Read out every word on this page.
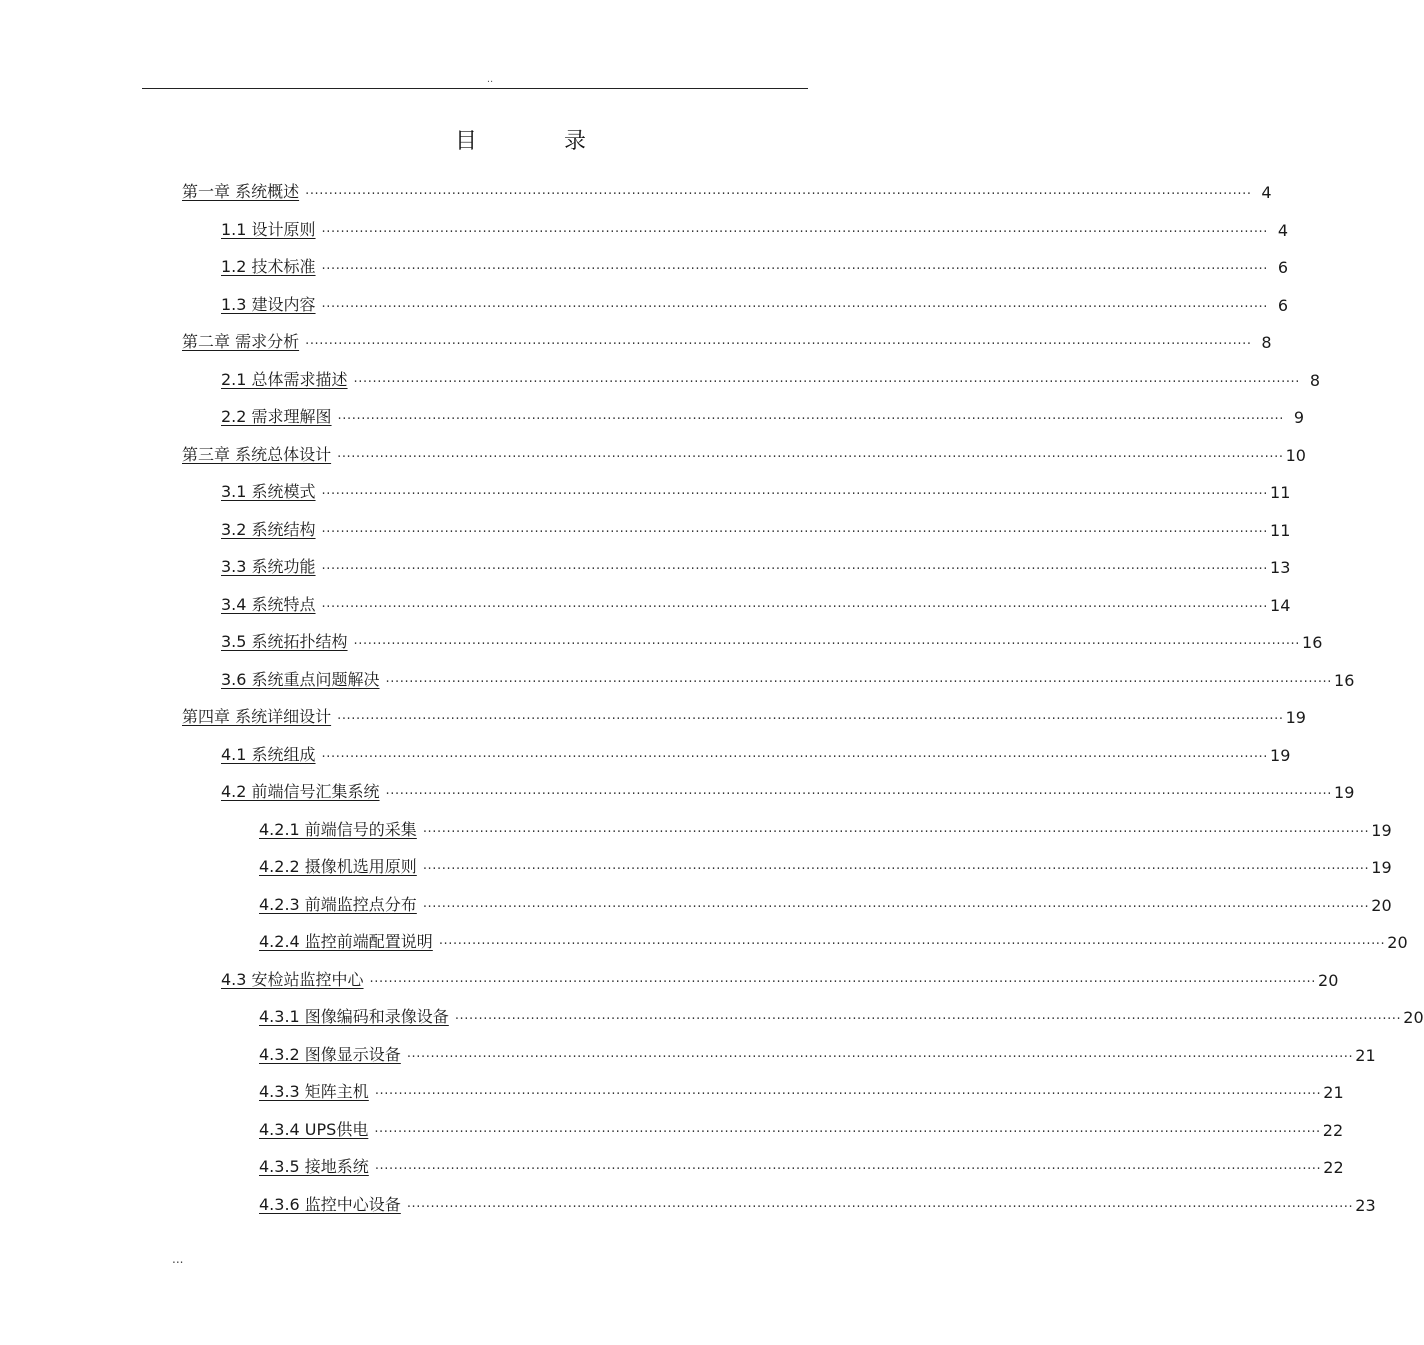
..
目 录
第一章 系统概述 ........................................................................................................................................................................................................ 4
1.1 设计原则 ........................................................................................................................................................................................................ 4
1.2 技术标准 ........................................................................................................................................................................................................ 6
1.3 建设内容 ........................................................................................................................................................................................................ 6
第二章 需求分析 ........................................................................................................................................................................................................ 8
2.1 总体需求描述 ........................................................................................................................................................................................................ 8
2.2 需求理解图 ........................................................................................................................................................................................................ 9
第三章 系统总体设计 ........................................................................................................................................................................................................ 10
3.1 系统模式 ........................................................................................................................................................................................................ 11
3.2 系统结构 ........................................................................................................................................................................................................ 11
3.3 系统功能 ........................................................................................................................................................................................................ 13
3.4 系统特点 ........................................................................................................................................................................................................ 14
3.5 系统拓扑结构 ........................................................................................................................................................................................................ 16
3.6 系统重点问题解决 ........................................................................................................................................................................................................ 16
第四章 系统详细设计 ........................................................................................................................................................................................................ 19
4.1 系统组成 ........................................................................................................................................................................................................ 19
4.2 前端信号汇集系统 ........................................................................................................................................................................................................ 19
4.2.1 前端信号的采集 ........................................................................................................................................................................................................ 19
4.2.2 摄像机选用原则 ........................................................................................................................................................................................................ 19
4.2.3 前端监控点分布 ........................................................................................................................................................................................................ 20
4.2.4 监控前端配置说明 ........................................................................................................................................................................................................ 20
4.3 安检站监控中心 ........................................................................................................................................................................................................ 20
4.3.1 图像编码和录像设备 ........................................................................................................................................................................................................ 20
4.3.2 图像显示设备 ........................................................................................................................................................................................................ 21
4.3.3 矩阵主机 ........................................................................................................................................................................................................ 21
4.3.4 UPS供电 ........................................................................................................................................................................................................ 22
4.3.5 接地系统 ........................................................................................................................................................................................................ 22
4.3.6 监控中心设备 ........................................................................................................................................................................................................ 23
...
